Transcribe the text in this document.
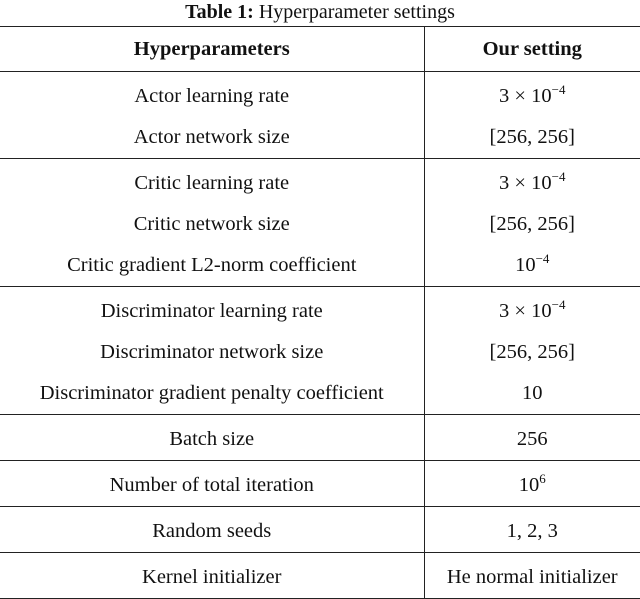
Table 1: Hyperparameter settings
Hyperparameters	Our setting
Actor learning rate	$3 \times 10^{-4}$
Actor network size	[256, 256]
Critic learning rate	$3 \times 10^{-4}$
Critic network size	[256, 256]
Critic gradient L2-norm coefficient	$10^{-4}$
Discriminator learning rate	$3 \times 10^{-4}$
Discriminator network size	[256, 256]
Discriminator gradient penalty coefficient	10
Batch size	256
Number of total iteration	$10^6$
Random seeds	1, 2, 3
Kernel initializer	He normal initializer
